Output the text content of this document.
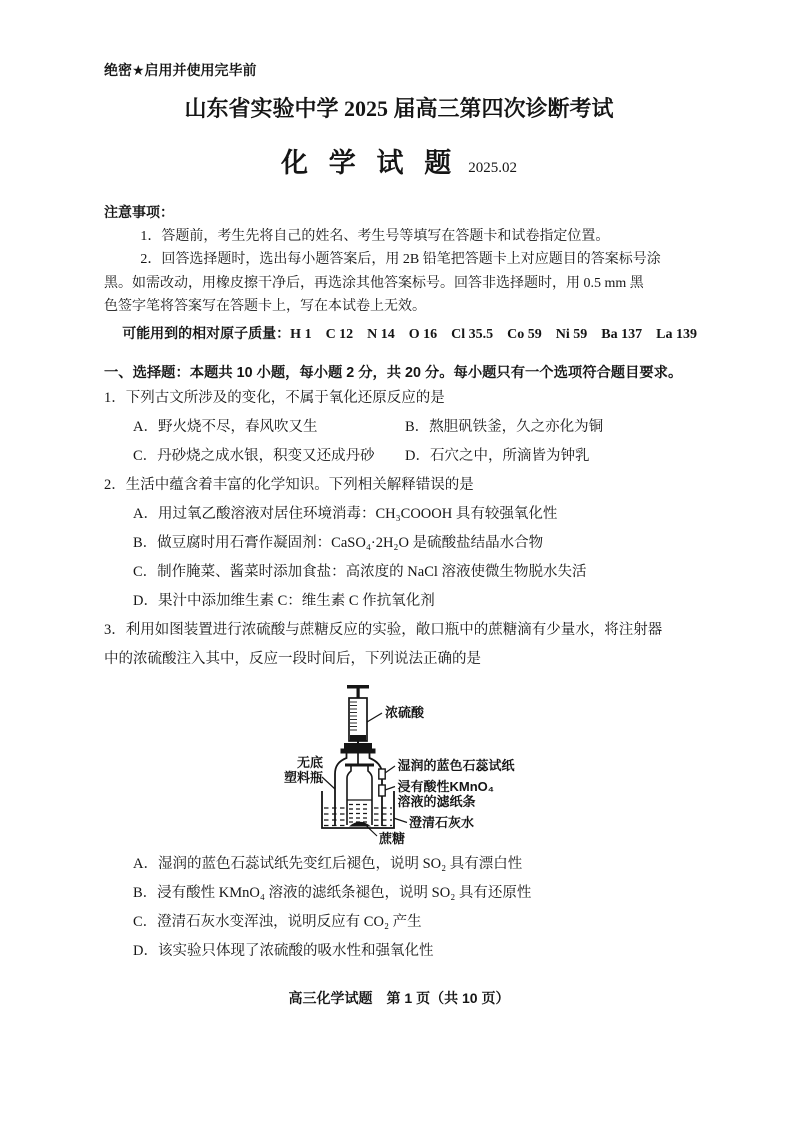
绝密★启用并使用完毕前
山东省实验中学 2025 届高三第四次诊断考试
化 学 试 题 2025.02
注意事项：
1．答题前，考生先将自己的姓名、考生号等填写在答题卡和试卷指定位置。
2．回答选择题时，选出每小题答案后，用 2B 铅笔把答题卡上对应题目的答案标号涂
黑。如需改动，用橡皮擦干净后，再选涂其他答案标号。回答非选择题时，用 0.5 mm 黑
色签字笔将答案写在答题卡上，写在本试卷上无效。
可能用到的相对原子质量：H 1　C 12　N 14　O 16　Cl 35.5　Co 59　Ni 59　Ba 137　La 139
一、选择题：本题共 10 小题，每小题 2 分，共 20 分。每小题只有一个选项符合题目要求。
1．下列古文所涉及的变化，不属于氧化还原反应的是
A．野火烧不尽，春风吹又生	B．熬胆矾铁釜，久之亦化为铜
C．丹砂烧之成水银，积变又还成丹砂	D．石穴之中，所滴皆为钟乳
2．生活中蕴含着丰富的化学知识。下列相关解释错误的是
A．用过氧乙酸溶液对居住环境消毒：CH₃COOOH 具有较强氧化性
B．做豆腐时用石膏作凝固剂：CaSO₄·2H₂O 是硫酸盐结晶水合物
C．制作腌菜、酱菜时添加食盐：高浓度的 NaCl 溶液使微生物脱水失活
D．果汁中添加维生素 C：维生素 C 作抗氧化剂
3．利用如图装置进行浓硫酸与蔗糖反应的实验，敞口瓶中的蔗糖滴有少量水，将注射器
中的浓硫酸注入其中，反应一段时间后，下列说法正确的是
浓硫酸
无底
塑料瓶
湿润的蓝色石蕊试纸
浸有酸性KMnO₄
溶液的滤纸条
澄清石灰水
蔗糖
A．湿润的蓝色石蕊试纸先变红后褪色，说明 SO₂ 具有漂白性
B．浸有酸性 KMnO₄ 溶液的滤纸条褪色，说明 SO₂ 具有还原性
C．澄清石灰水变浑浊，说明反应有 CO₂ 产生
D．该实验只体现了浓硫酸的吸水性和强氧化性
高三化学试题　第 1 页（共 10 页）
